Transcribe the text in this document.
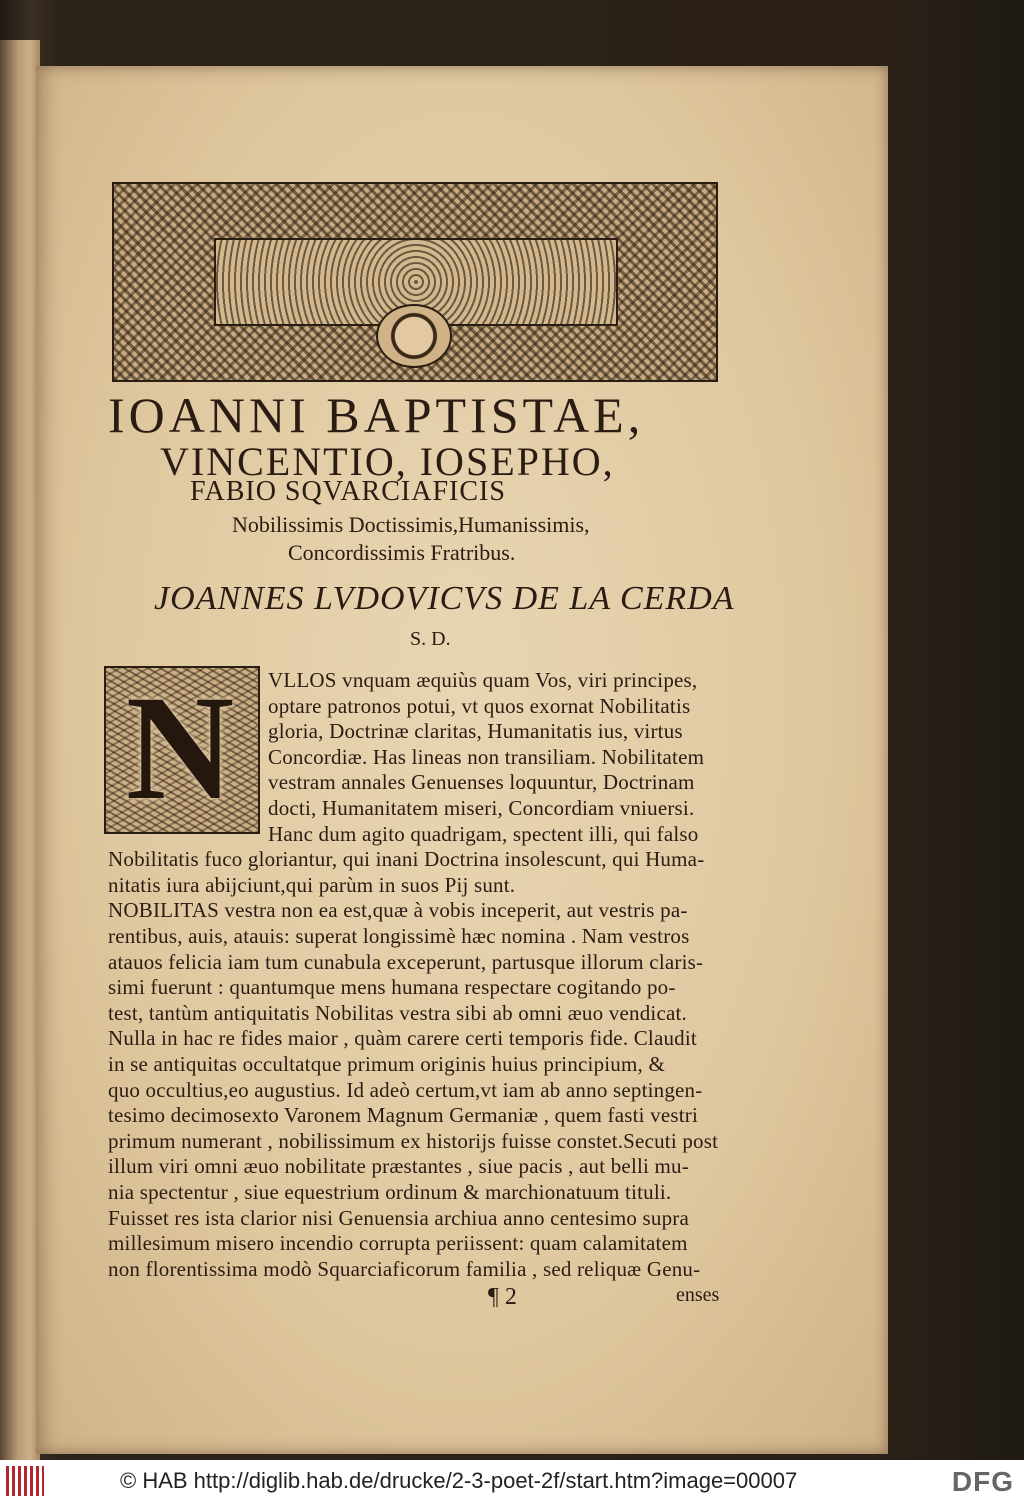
IOANNI BAPTISTAE,
VINCENTIO, IOSEPHO,
FABIO SQVARCIAFICIS
Nobilissimis Doctissimis,Humanissimis,
Concordissimis Fratribus.
JOANNES LVDOVICVS DE LA CERDA
S. D.
N	VLLOS vnquam æquiùs quam Vos, viri principes,
optare patronos potui, vt quos exornat Nobilitatis
gloria, Doctrinæ claritas, Humanitatis ius, virtus
Concordiæ. Has lineas non transiliam. Nobilitatem
vestram annales Genuenses loquuntur, Doctrinam
docti, Humanitatem miseri, Concordiam vniuersi.
Hanc dum agito quadrigam, spectent illi, qui falso
Nobilitatis fuco gloriantur, qui inani Doctrina insolescunt, qui Huma-
nitatis iura abijciunt,qui parùm in suos Pij sunt.
NOBILITAS vestra non ea est,quæ à vobis inceperit, aut vestris pa-
rentibus, auis, atauis: superat longissimè hæc nomina . Nam vestros
atauos felicia iam tum cunabula exceperunt, partusque illorum claris-
simi fuerunt : quantumque mens humana respectare cogitando po-
test, tantùm antiquitatis Nobilitas vestra sibi ab omni æuo vendicat.
Nulla in hac re fides maior , quàm carere certi temporis fide. Claudit
in se antiquitas occultatque primum originis huius principium, &
quo occultius,eo augustius. Id adeò certum,vt iam ab anno septingen-
tesimo decimosexto Varonem Magnum Germaniæ , quem fasti vestri
primum numerant , nobilissimum ex historijs fuisse constet.Secuti post
illum viri omni æuo nobilitate præstantes , siue pacis , aut belli mu-
nia spectentur , siue equestrium ordinum & marchionatuum tituli.
Fuisset res ista clarior nisi Genuensia archiua anno centesimo supra
millesimum misero incendio corrupta periissent: quam calamitatem
non florentissima modò Squarciaficorum familia , sed reliquæ Genu-
¶ 2	enses
© HAB http://diglib.hab.de/drucke/2-3-poet-2f/start.htm?image=00007	DFG
